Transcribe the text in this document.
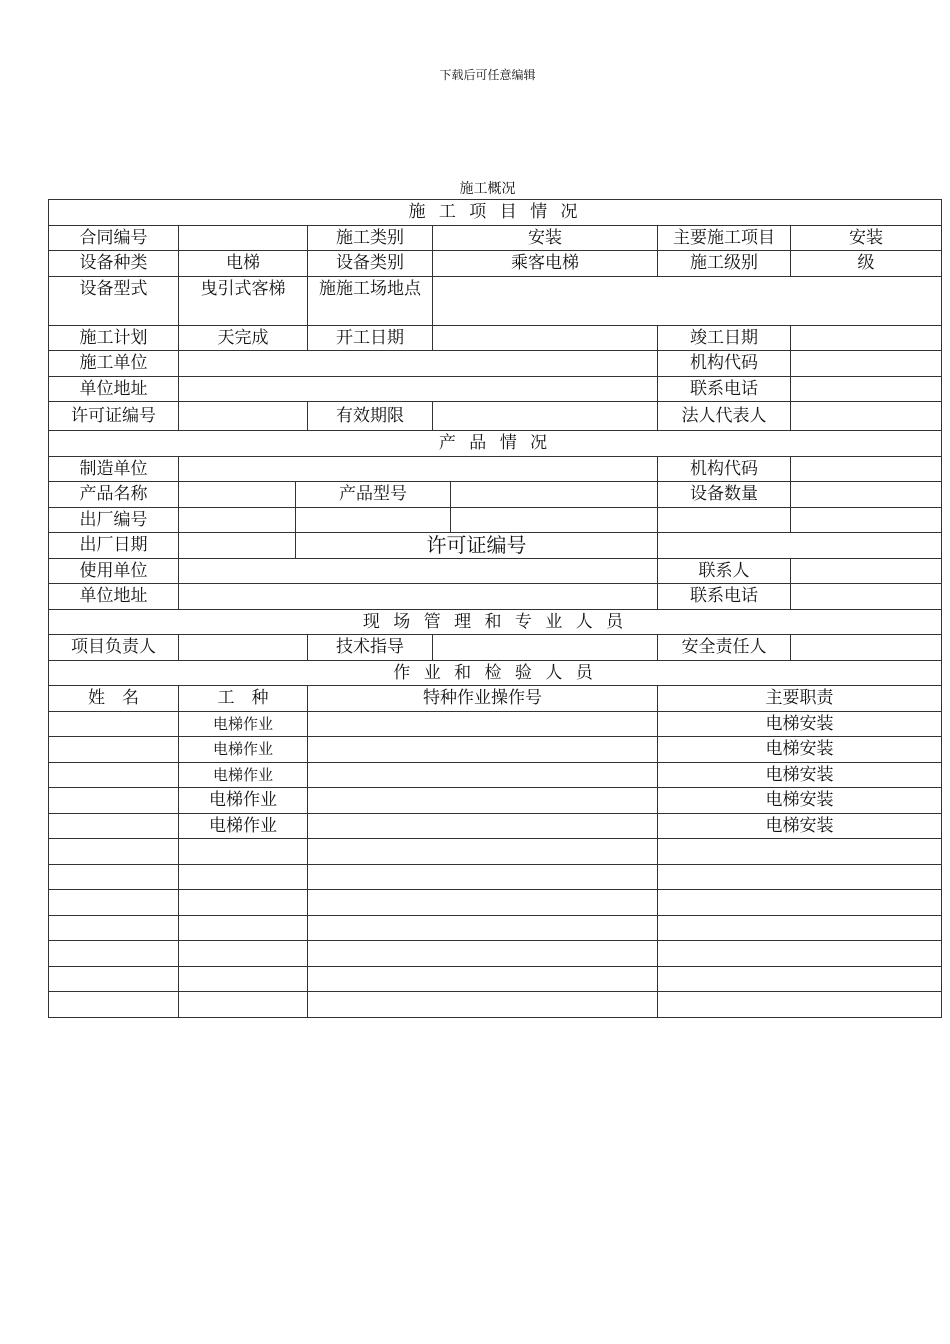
下载后可任意编辑
施工概况
施 工 项 目 情 况							
合同编号			施工类别	安装		主要施工项目	安装
设备种类	电梯		设备类别	乘客电梯		施工级别	级
设备型式	曳引式客梯		施施工场地点				
施工计划	天完成		开工日期			竣工日期	
施工单位						机构代码	
单位地址						联系电话	
许可证编号			有效期限			法人代表人	
产 品 情 况							
制造单位						机构代码	
产品名称		产品型号				设备数量	
出厂编号							
出厂日期		许可证编号					
使用单位						联系人	
单位地址						联系电话	
现 场 管 理 和 专 业 人 员							
项目负责人			技术指导			安全责任人	
作 业 和 检 验 人 员							
姓　名	工　种		特种作业操作号			主要职责	
	电梯作业					电梯安装	
	电梯作业					电梯安装	
	电梯作业					电梯安装	
	电梯作业					电梯安装	
	电梯作业					电梯安装	
